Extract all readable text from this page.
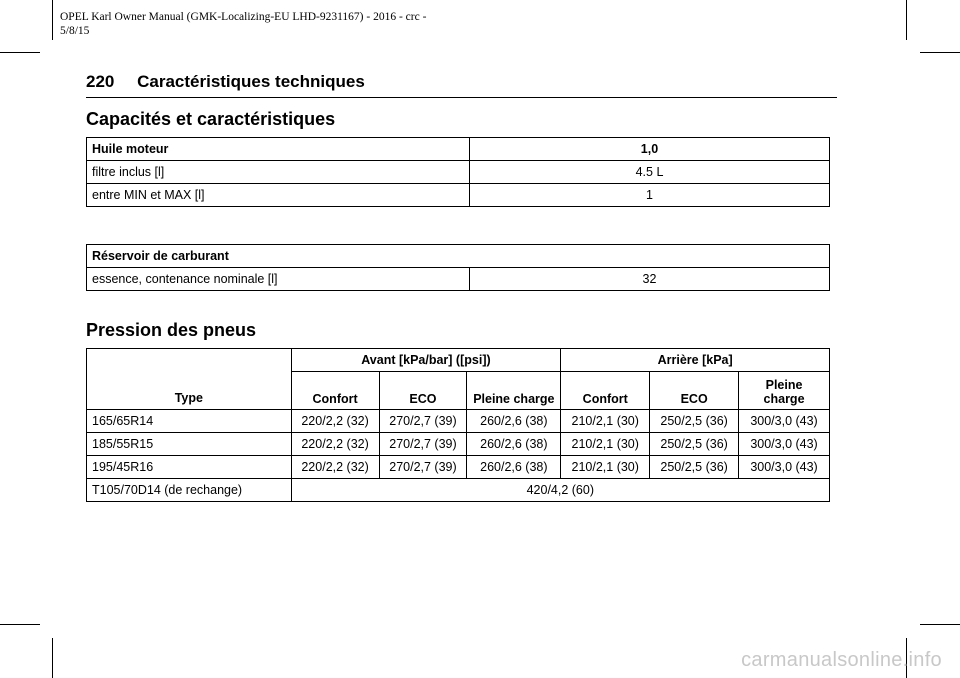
OPEL Karl Owner Manual (GMK-Localizing-EU LHD-9231167) - 2016 - crc -
5/8/15
220 Caractéristiques techniques
Capacités et caractéristiques
Huile moteur	1,0
filtre inclus [l]	4.5 L
entre MIN et MAX [l]	1
Réservoir de carburant
essence, contenance nominale [l]	32
Pression des pneus
Type	Avant [kPa/bar] ([psi])			Arrière [kPa]		
	Confort	ECO	Pleine charge	Confort	ECO	Pleine charge
165/65R14	220/2,2 (32)	270/2,7 (39)	260/2,6 (38)	210/2,1 (30)	250/2,5 (36)	300/3,0 (43)
185/55R15	220/2,2 (32)	270/2,7 (39)	260/2,6 (38)	210/2,1 (30)	250/2,5 (36)	300/3,0 (43)
195/45R16	220/2,2 (32)	270/2,7 (39)	260/2,6 (38)	210/2,1 (30)	250/2,5 (36)	300/3,0 (43)
T105/70D14 (de rechange)	420/4,2 (60)					
carmanualsonline.info
